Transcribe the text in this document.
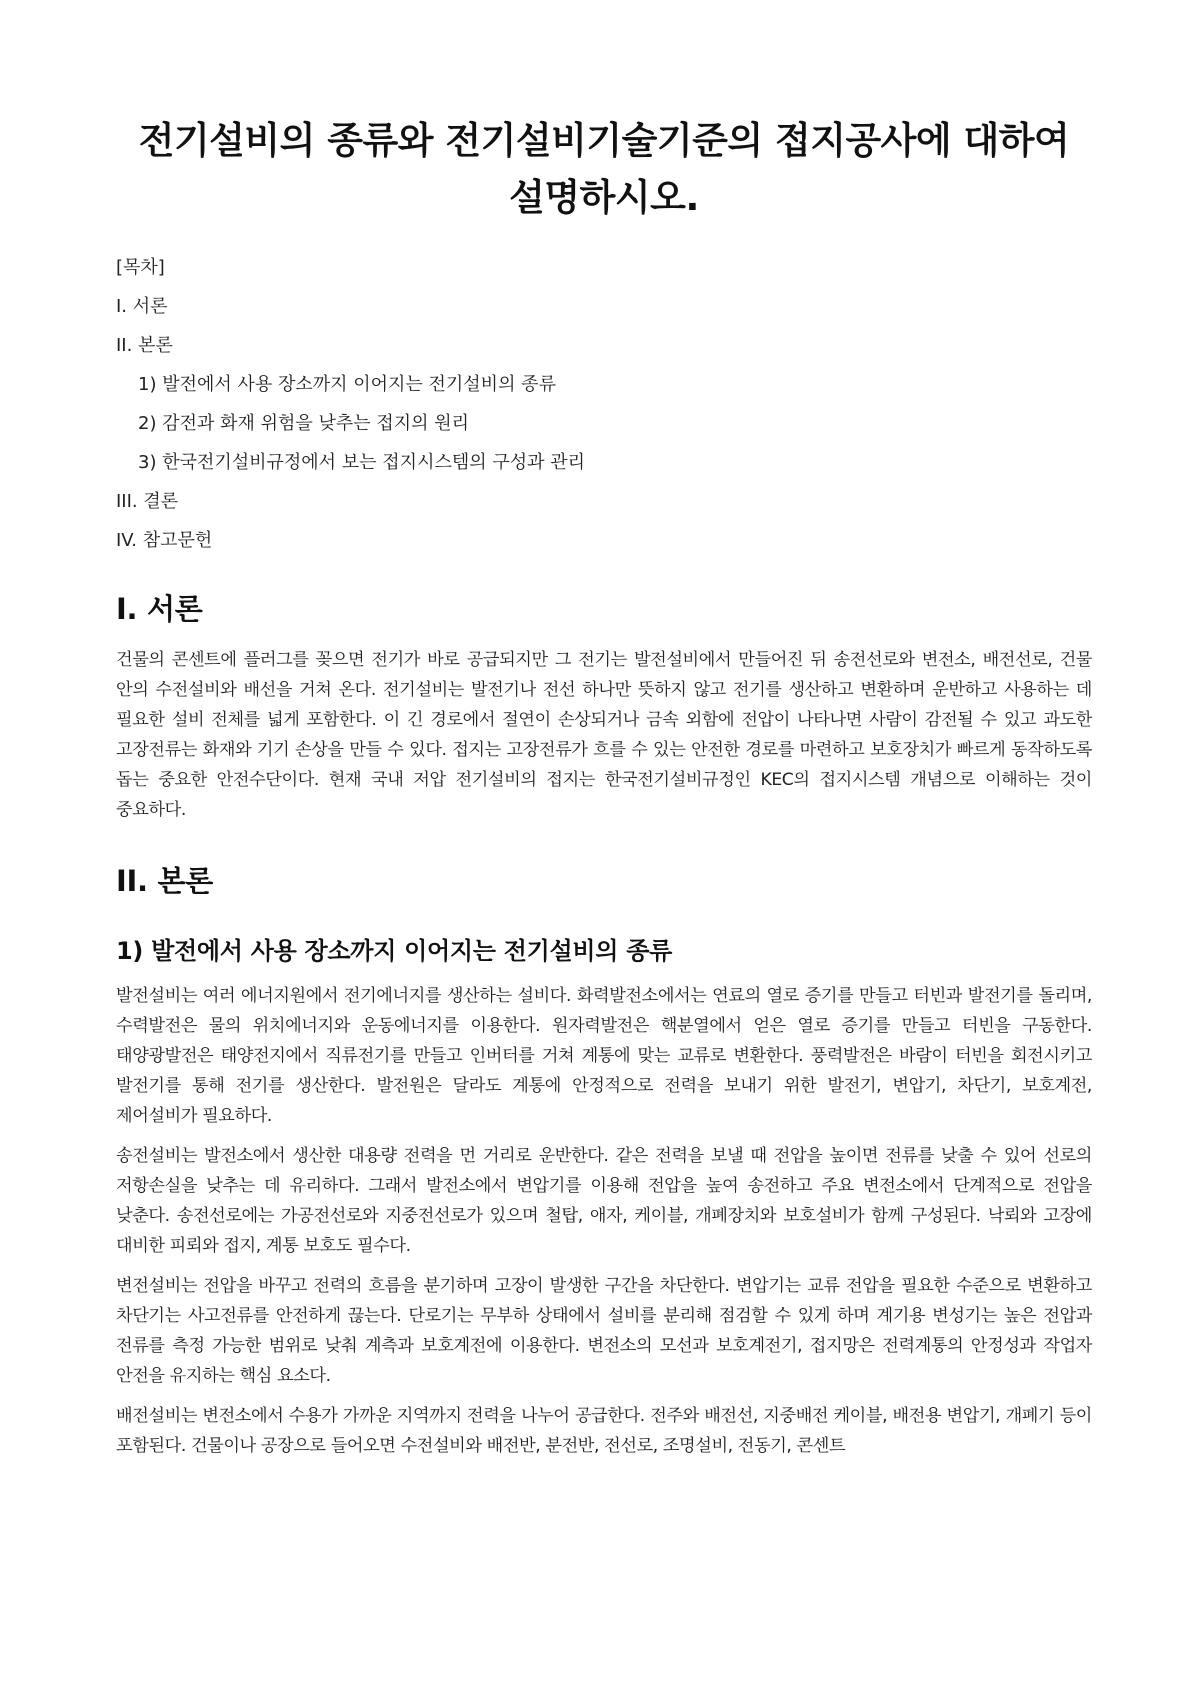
전기설비의 종류와 전기설비기술기준의 접지공사에 대하여 설명하시오.
[목차]
I. 서론
II. 본론
1) 발전에서 사용 장소까지 이어지는 전기설비의 종류
2) 감전과 화재 위험을 낮추는 접지의 원리
3) 한국전기설비규정에서 보는 접지시스템의 구성과 관리
III. 결론
IV. 참고문헌
I. 서론

건물의 콘센트에 플러그를 꽂으면 전기가 바로 공급되지만 그 전기는 발전설비에서 만들어진 뒤 송전선로와 변전소, 배전선로, 건물 안의 수전설비와 배선을 거쳐 온다. 전기설비는 발전기나 전선 하나만 뜻하지 않고 전기를 생산하고 변환하며 운반하고 사용하는 데 필요한 설비 전체를 넓게 포함한다. 이 긴 경로에서 절연이 손상되거나 금속 외함에 전압이 나타나면 사람이 감전될 수 있고 과도한 고장전류는 화재와 기기 손상을 만들 수 있다. 접지는 고장전류가 흐를 수 있는 안전한 경로를 마련하고 보호장치가 빠르게 동작하도록 돕는 중요한 안전수단이다. 현재 국내 저압 전기설비의 접지는 한국전기설비규정인 KEC의 접지시스템 개념으로 이해하는 것이 중요하다.

II. 본론
1) 발전에서 사용 장소까지 이어지는 전기설비의 종류

발전설비는 여러 에너지원에서 전기에너지를 생산하는 설비다. 화력발전소에서는 연료의 열로 증기를 만들고 터빈과 발전기를 돌리며, 수력발전은 물의 위치에너지와 운동에너지를 이용한다. 원자력발전은 핵분열에서 얻은 열로 증기를 만들고 터빈을 구동한다. 태양광발전은 태양전지에서 직류전기를 만들고 인버터를 거쳐 계통에 맞는 교류로 변환한다. 풍력발전은 바람이 터빈을 회전시키고 발전기를 통해 전기를 생산한다. 발전원은 달라도 계통에 안정적으로 전력을 보내기 위한 발전기, 변압기, 차단기, 보호계전, 제어설비가 필요하다.

송전설비는 발전소에서 생산한 대용량 전력을 먼 거리로 운반한다. 같은 전력을 보낼 때 전압을 높이면 전류를 낮출 수 있어 선로의 저항손실을 낮추는 데 유리하다. 그래서 발전소에서 변압기를 이용해 전압을 높여 송전하고 주요 변전소에서 단계적으로 전압을 낮춘다. 송전선로에는 가공전선로와 지중전선로가 있으며 철탑, 애자, 케이블, 개폐장치와 보호설비가 함께 구성된다. 낙뢰와 고장에 대비한 피뢰와 접지, 계통 보호도 필수다.

변전설비는 전압을 바꾸고 전력의 흐름을 분기하며 고장이 발생한 구간을 차단한다. 변압기는 교류 전압을 필요한 수준으로 변환하고 차단기는 사고전류를 안전하게 끊는다. 단로기는 무부하 상태에서 설비를 분리해 점검할 수 있게 하며 계기용 변성기는 높은 전압과 전류를 측정 가능한 범위로 낮춰 계측과 보호계전에 이용한다. 변전소의 모선과 보호계전기, 접지망은 전력계통의 안정성과 작업자 안전을 유지하는 핵심 요소다.

배전설비는 변전소에서 수용가 가까운 지역까지 전력을 나누어 공급한다. 전주와 배전선, 지중배전 케이블, 배전용 변압기, 개폐기 등이 포함된다. 건물이나 공장으로 들어오면 수전설비와 배전반, 분전반, 전선로, 조명설비, 전동기, 콘센트
